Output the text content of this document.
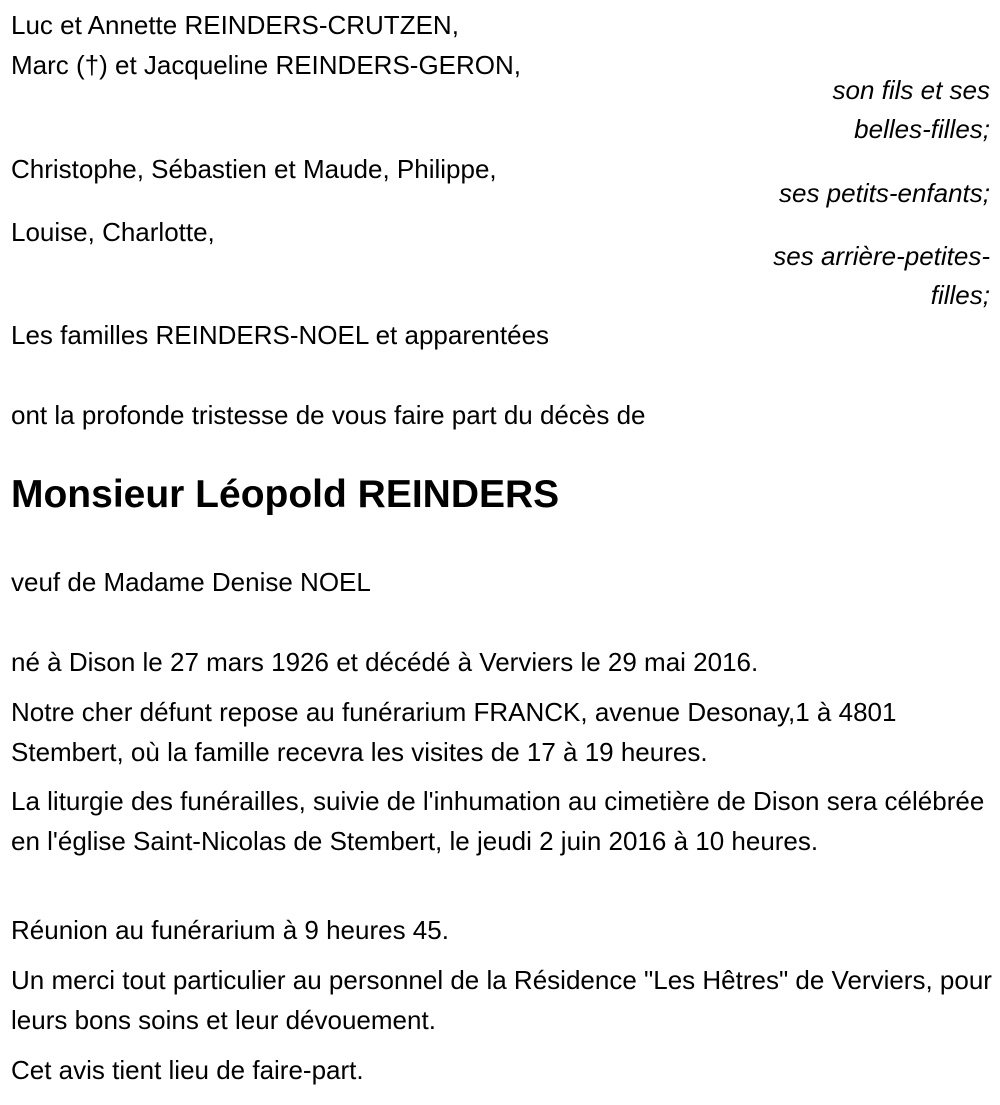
Luc et Annette REINDERS-CRUTZEN,
Marc (†) et Jacqueline REINDERS-GERON,
son fils et ses
belles-filles;
Christophe, Sébastien et Maude, Philippe,
ses petits-enfants;
Louise, Charlotte,
ses arrière-petites-
filles;
Les familles REINDERS-NOEL et apparentées
ont la profonde tristesse de vous faire part du décès de
Monsieur Léopold REINDERS
veuf de Madame Denise NOEL
né à Dison le 27 mars 1926 et décédé à Verviers le 29 mai 2016.
Notre cher défunt repose au funérarium FRANCK, avenue Desonay,1 à 4801 Stembert, où la famille recevra les visites de 17 à 19 heures.
La liturgie des funérailles, suivie de l'inhumation au cimetière de Dison sera célébrée en l'église Saint-Nicolas de Stembert, le jeudi 2 juin 2016 à 10 heures.
Réunion au funérarium à 9 heures 45.
Un merci tout particulier au personnel de la Résidence "Les Hêtres" de Verviers, pour leurs bons soins et leur dévouement.
Cet avis tient lieu de faire-part.
